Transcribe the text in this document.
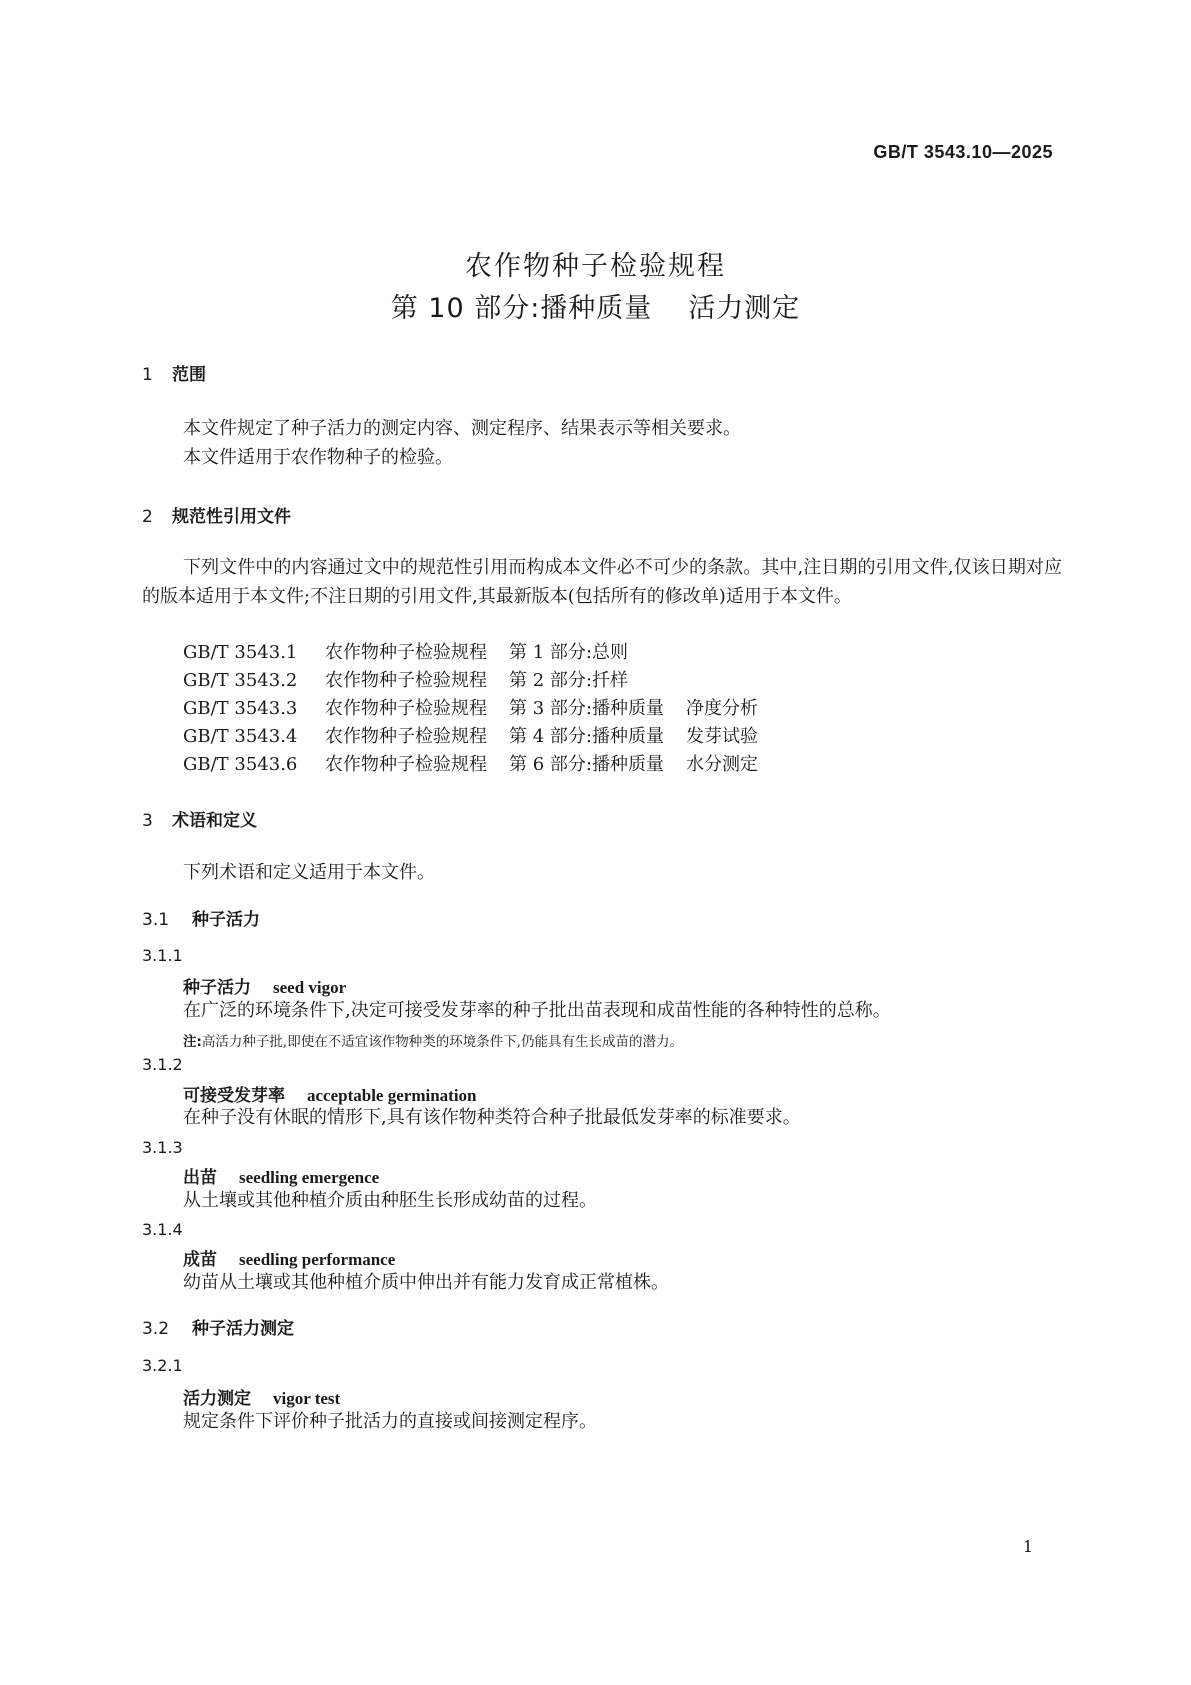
GB/T 3543.10—2025
农作物种子检验规程
第 10 部分:播种质量 活力测定
1 范围
本文件规定了种子活力的测定内容、测定程序、结果表示等相关要求。
本文件适用于农作物种子的检验。
2 规范性引用文件
下列文件中的内容通过文中的规范性引用而构成本文件必不可少的条款。其中,注日期的引用文件,仅该日期对应的版本适用于本文件;不注日期的引用文件,其最新版本(包括所有的修改单)适用于本文件。
GB/T 3543.1 农作物种子检验规程 第 1 部分:总则
GB/T 3543.2 农作物种子检验规程 第 2 部分:扦样
GB/T 3543.3 农作物种子检验规程 第 3 部分:播种质量 净度分析
GB/T 3543.4 农作物种子检验规程 第 4 部分:播种质量 发芽试验
GB/T 3543.6 农作物种子检验规程 第 6 部分:播种质量 水分测定
3 术语和定义
下列术语和定义适用于本文件。
3.1 种子活力
3.1.1
种子活力 seed vigor
在广泛的环境条件下,决定可接受发芽率的种子批出苗表现和成苗性能的各种特性的总称。
注:高活力种子批,即使在不适宜该作物种类的环境条件下,仍能具有生长成苗的潜力。
3.1.2
可接受发芽率 acceptable germination
在种子没有休眠的情形下,具有该作物种类符合种子批最低发芽率的标准要求。
3.1.3
出苗 seedling emergence
从土壤或其他种植介质由种胚生长形成幼苗的过程。
3.1.4
成苗 seedling performance
幼苗从土壤或其他种植介质中伸出并有能力发育成正常植株。
3.2 种子活力测定
3.2.1
活力测定 vigor test
规定条件下评价种子批活力的直接或间接测定程序。
1
